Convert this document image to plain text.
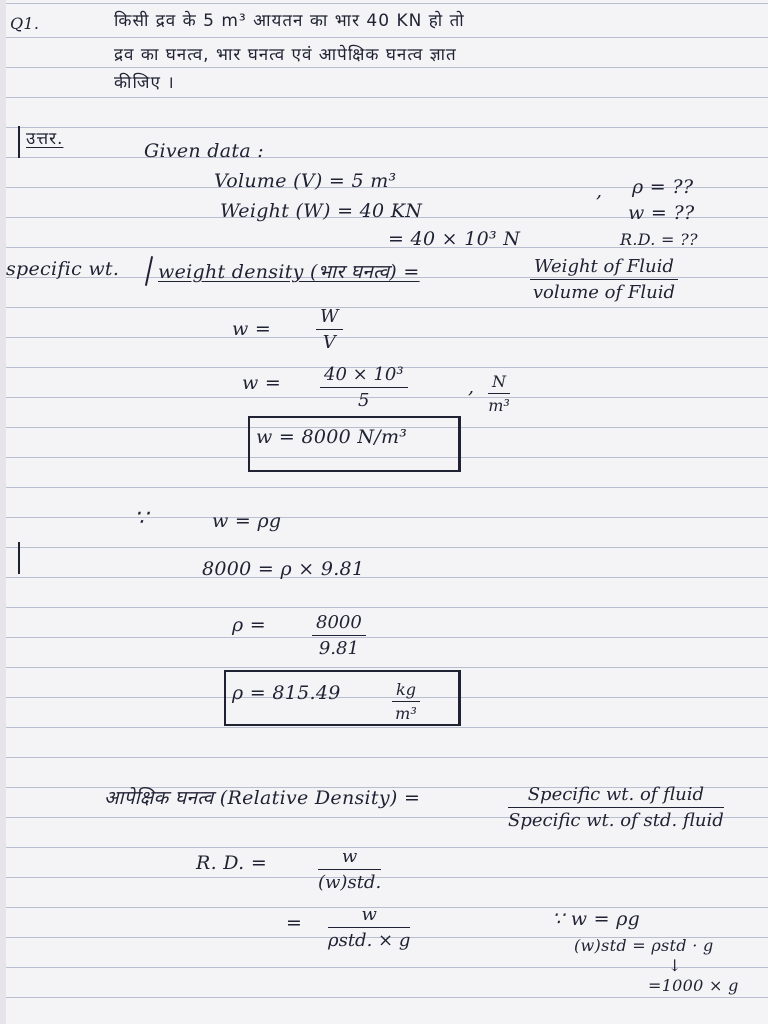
Q1.	किसी द्रव के 5 m³ आयतन का भार 40 KN हो तो
द्रव का घनत्व, भार घनत्व एवं आपेक्षिक घनत्व ज्ञात
कीजिए ।
उत्तर.
Given data :
Volume (V) = 5 m³
Weight (W) = 40 KN
= 40 × 10³ N
, ρ = ??
w = ??
R.D. = ??
specific wt. weight density (भार घनत्व) =	Weight of Fluid
volume of Fluid
$w = \frac{W}{V}$
$w = \frac{\text{40 × 10³}}{5}$	, $\frac{N}{\text{m³}}$
w = 8000 N/m³
∵	w = ρg
8000 = ρ × 9.81
ρ =	$\frac{8000}{9.81}$
ρ = 815.49	$\frac{kg}{\text{m³}}$
आपेक्षिक घनत्व (Relative Density) =	Specific wt. of fluid
Specific wt. of std. fluid
R. D. =	w
(w)std.
=	w
ρstd. × g
∵ w = ρg
(w)std = ρstd · g
↓
=1000 × g
